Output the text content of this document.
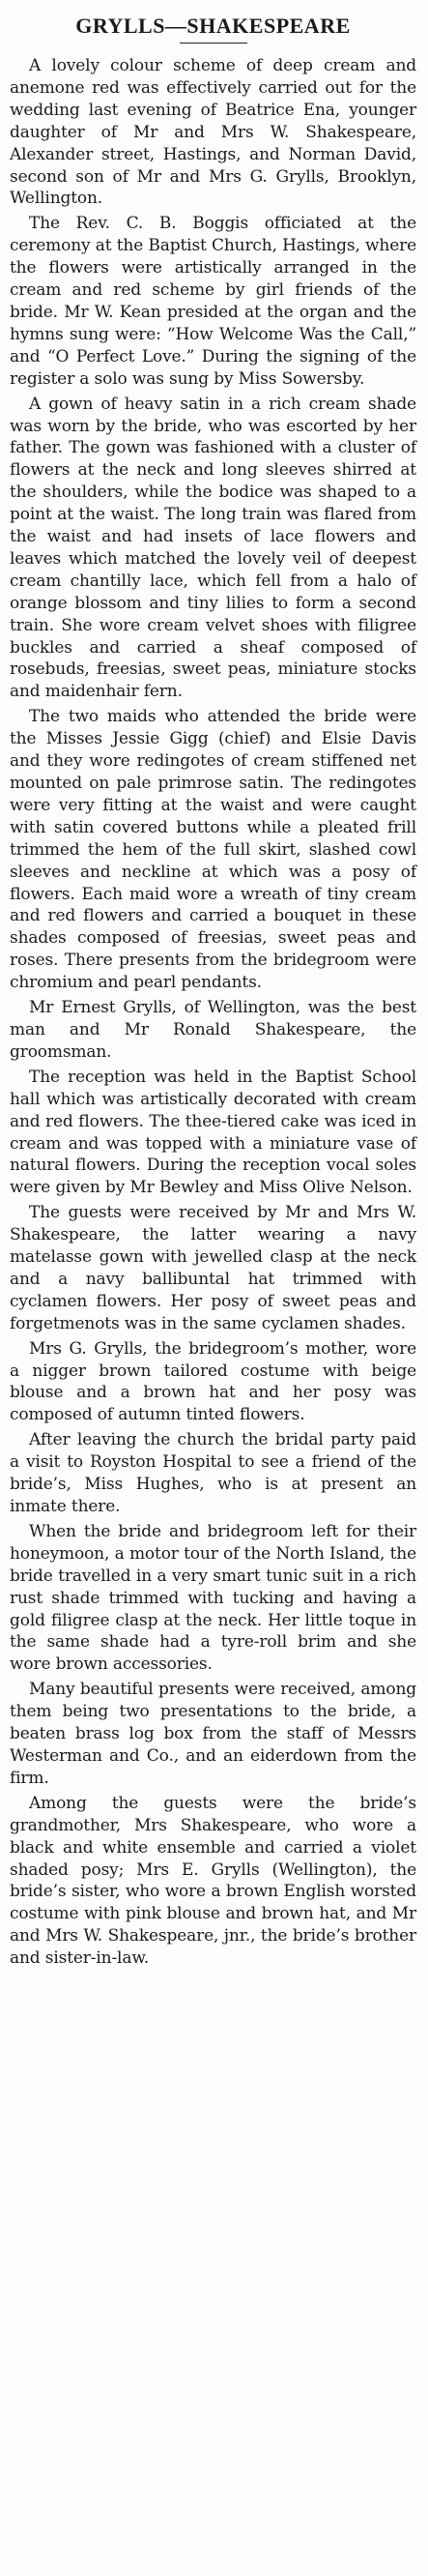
GRYLLS—SHAKESPEARE

A lovely colour scheme of deep cream and anemone red was effectively carried out for the wedding last evening of Beatrice Ena, younger daughter of Mr and Mrs W. Shakespeare, Alexander street, Hastings, and Norman David, second son of Mr and Mrs G. Grylls, Brooklyn, Wellington.

The Rev. C. B. Boggis officiated at the ceremony at the Baptist Church, Hastings, where the flowers were artistically arranged in the cream and red scheme by girl friends of the bride. Mr W. Kean presided at the organ and the hymns sung were: “How Welcome Was the Call,” and “O Perfect Love.” During the signing of the register a solo was sung by Miss Sowersby.

A gown of heavy satin in a rich cream shade was worn by the bride, who was escorted by her father. The gown was fashioned with a cluster of flowers at the neck and long sleeves shirred at the shoulders, while the bodice was shaped to a point at the waist. The long train was flared from the waist and had insets of lace flowers and leaves which matched the lovely veil of deepest cream chantilly lace, which fell from a halo of orange blossom and tiny lilies to form a second train. She wore cream velvet shoes with filigree buckles and carried a sheaf composed of rosebuds, freesias, sweet peas, miniature stocks and maidenhair fern.

The two maids who attended the bride were the Misses Jessie Gigg (chief) and Elsie Davis and they wore redingotes of cream stiffened net mounted on pale primrose satin. The redingotes were very fitting at the waist and were caught with satin covered buttons while a pleated frill trimmed the hem of the full skirt, slashed cowl sleeves and neckline at which was a posy of flowers. Each maid wore a wreath of tiny cream and red flowers and carried a bouquet in these shades composed of freesias, sweet peas and roses. There presents from the bridegroom were chromium and pearl pendants.

Mr Ernest Grylls, of Wellington, was the best man and Mr Ronald Shakespeare, the groomsman.

The reception was held in the Baptist School hall which was artistically decorated with cream and red flowers. The thee-tiered cake was iced in cream and was topped with a miniature vase of natural flowers. During the reception vocal soles were given by Mr Bewley and Miss Olive Nelson.

The guests were received by Mr and Mrs W. Shakespeare, the latter wearing a navy matelasse gown with jewelled clasp at the neck and a navy ballibuntal hat trimmed with cyclamen flowers. Her posy of sweet peas and forgetmenots was in the same cyclamen shades.

Mrs G. Grylls, the bridegroom’s mother, wore a nigger brown tailored costume with beige blouse and a brown hat and her posy was composed of autumn tinted flowers.

After leaving the church the bridal party paid a visit to Royston Hospital to see a friend of the bride’s, Miss Hughes, who is at present an inmate there.

When the bride and bridegroom left for their honeymoon, a motor tour of the North Island, the bride travelled in a very smart tunic suit in a rich rust shade trimmed with tucking and having a gold filigree clasp at the neck. Her little toque in the same shade had a tyre-roll brim and she wore brown accessories.

Many beautiful presents were received, among them being two presentations to the bride, a beaten brass log box from the staff of Messrs Westerman and Co., and an eiderdown from the firm.

Among the guests were the bride’s grandmother, Mrs Shakespeare, who wore a black and white ensemble and carried a violet shaded posy; Mrs E. Grylls (Wellington), the bride’s sister, who wore a brown English worsted costume with pink blouse and brown hat, and Mr and Mrs W. Shakespeare, jnr., the bride’s brother and sister-in-law.
